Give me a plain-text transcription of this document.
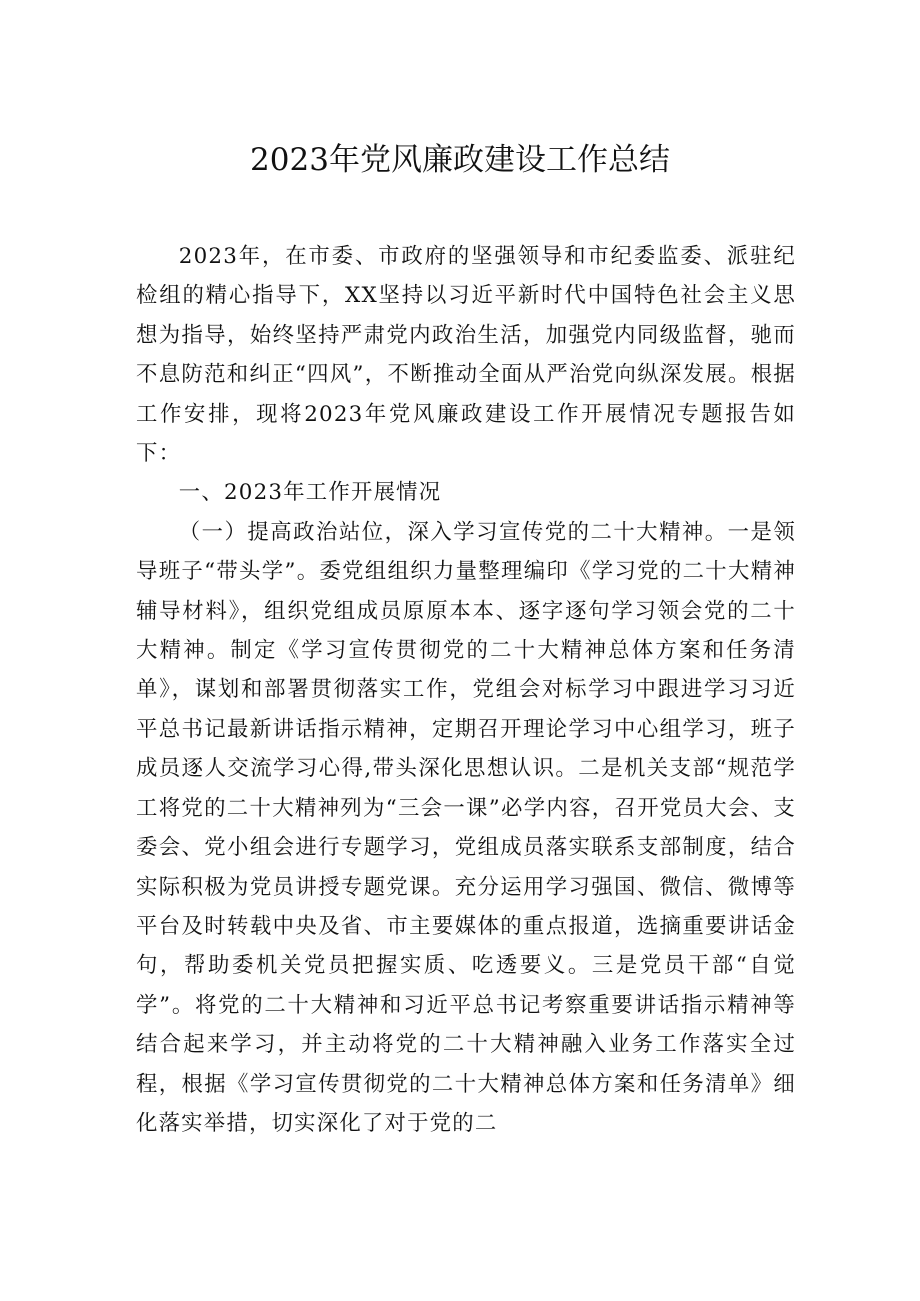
2023年党风廉政建设工作总结

2023年，在市委、市政府的坚强领导和市纪委监委、派驻纪检组的精心指导下，XX坚持以习近平新时代中国特色社会主义思想为指导，始终坚持严肃党内政治生活，加强党内同级监督，驰而不息防范和纠正“四风”，不断推动全面从严治党向纵深发展。根据工作安排，现将2023年党风廉政建设工作开展情况专题报告如下：

一、2023年工作开展情况

（一）提高政治站位，深入学习宣传党的二十大精神。一是领导班子“带头学”。委党组组织力量整理编印《学习党的二十大精神辅导材料》，组织党组成员原原本本、逐字逐句学习领会党的二十大精神。制定《学习宣传贯彻党的二十大精神总体方案和任务清单》，谋划和部署贯彻落实工作，党组会对标学习中跟进学习习近平总书记最新讲话指示精神，定期召开理论学习中心组学习，班子成员逐人交流学习心得,带头深化思想认识。二是机关支部“规范学工将党的二十大精神列为“三会一课”必学内容，召开党员大会、支委会、党小组会进行专题学习，党组成员落实联系支部制度，结合实际积极为党员讲授专题党课。充分运用学习强国、微信、微博等平台及时转载中央及省、市主要媒体的重点报道，选摘重要讲话金句，帮助委机关党员把握实质、吃透要义。三是党员干部“自觉学”。将党的二十大精神和习近平总书记考察重要讲话指示精神等结合起来学习，并主动将党的二十大精神融入业务工作落实全过程，根据《学习宣传贯彻党的二十大精神总体方案和任务清单》细化落实举措，切实深化了对于党的二
